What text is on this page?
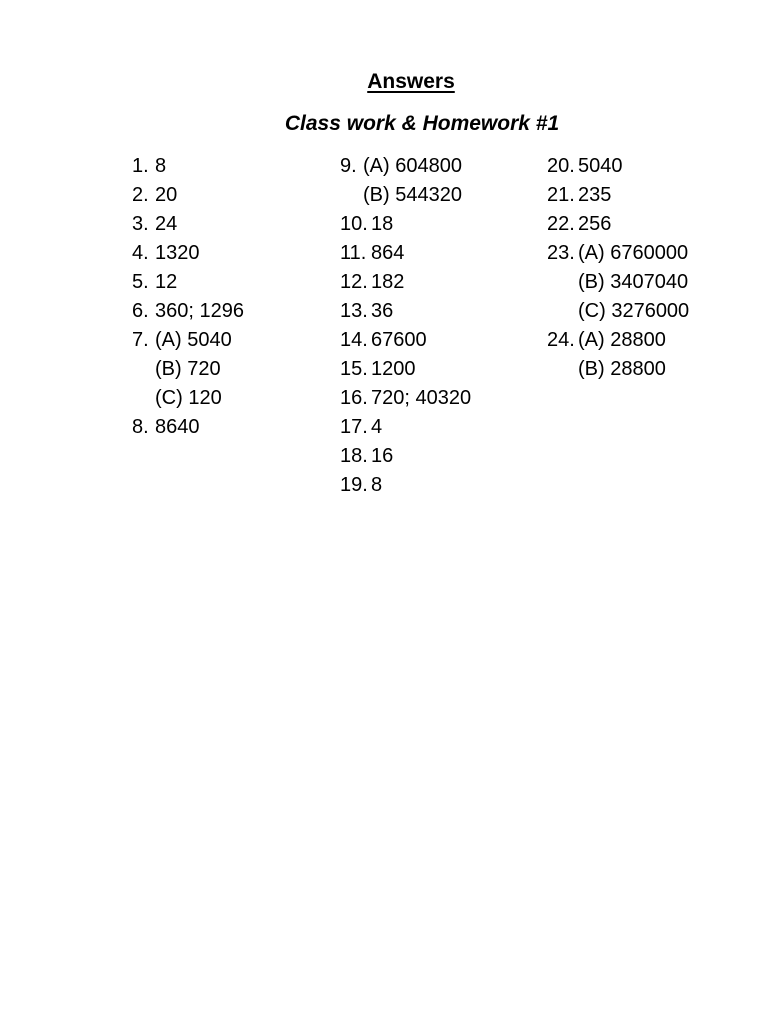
Answers
Class work & Homework #1
1. 8
2. 20
3. 24
4. 1320
5. 12
6. 360; 1296
7. (A) 5040
(B) 720
(C) 120
8. 8640
9. (A) 604800
(B) 544320
10. 18
11. 864
12. 182
13. 36
14. 67600
15. 1200
16. 720; 40320
17. 4
18. 16
19. 8
20. 5040
21. 235
22. 256
23. (A) 6760000
(B) 3407040
(C) 3276000
24. (A) 28800
(B) 28800
